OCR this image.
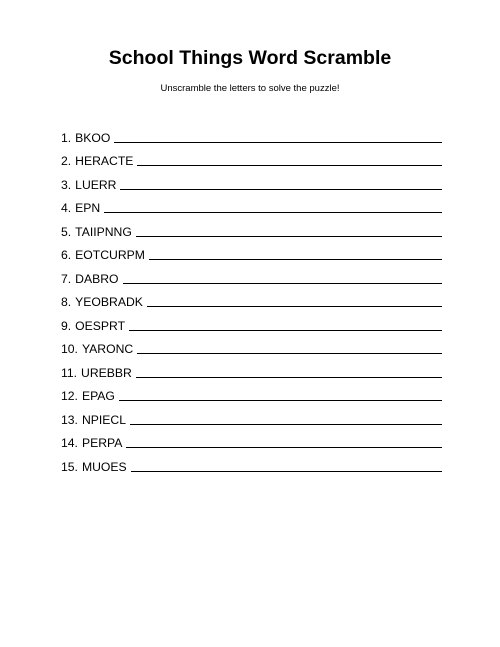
School Things Word Scramble
Unscramble the letters to solve the puzzle!
1. BKOO
2. HERACTE
3. LUERR
4. EPN
5. TAIIPNNG
6. EOTCURPM
7. DABRO
8. YEOBRADK
9. OESPRT
10. YARONC
11. UREBBR
12. EPAG
13. NPIECL
14. PERPA
15. MUOES
